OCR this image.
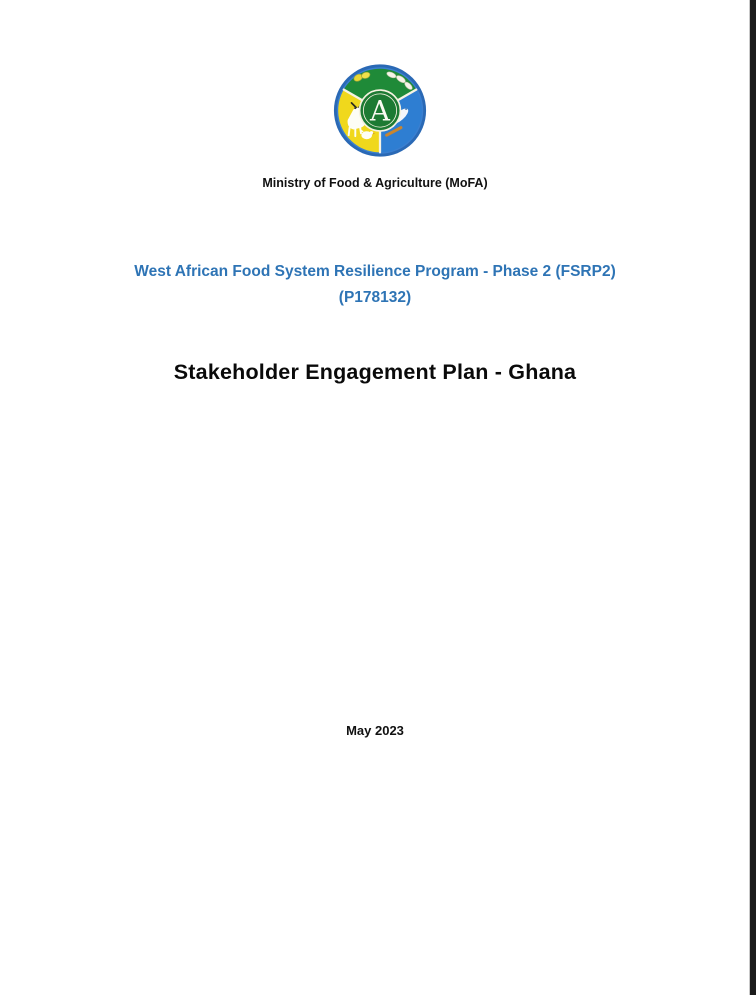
A
Ministry of Food & Agriculture (MoFA)
West African Food System Resilience Program - Phase 2 (FSRP2)
(P178132)
Stakeholder Engagement Plan - Ghana
May 2023
